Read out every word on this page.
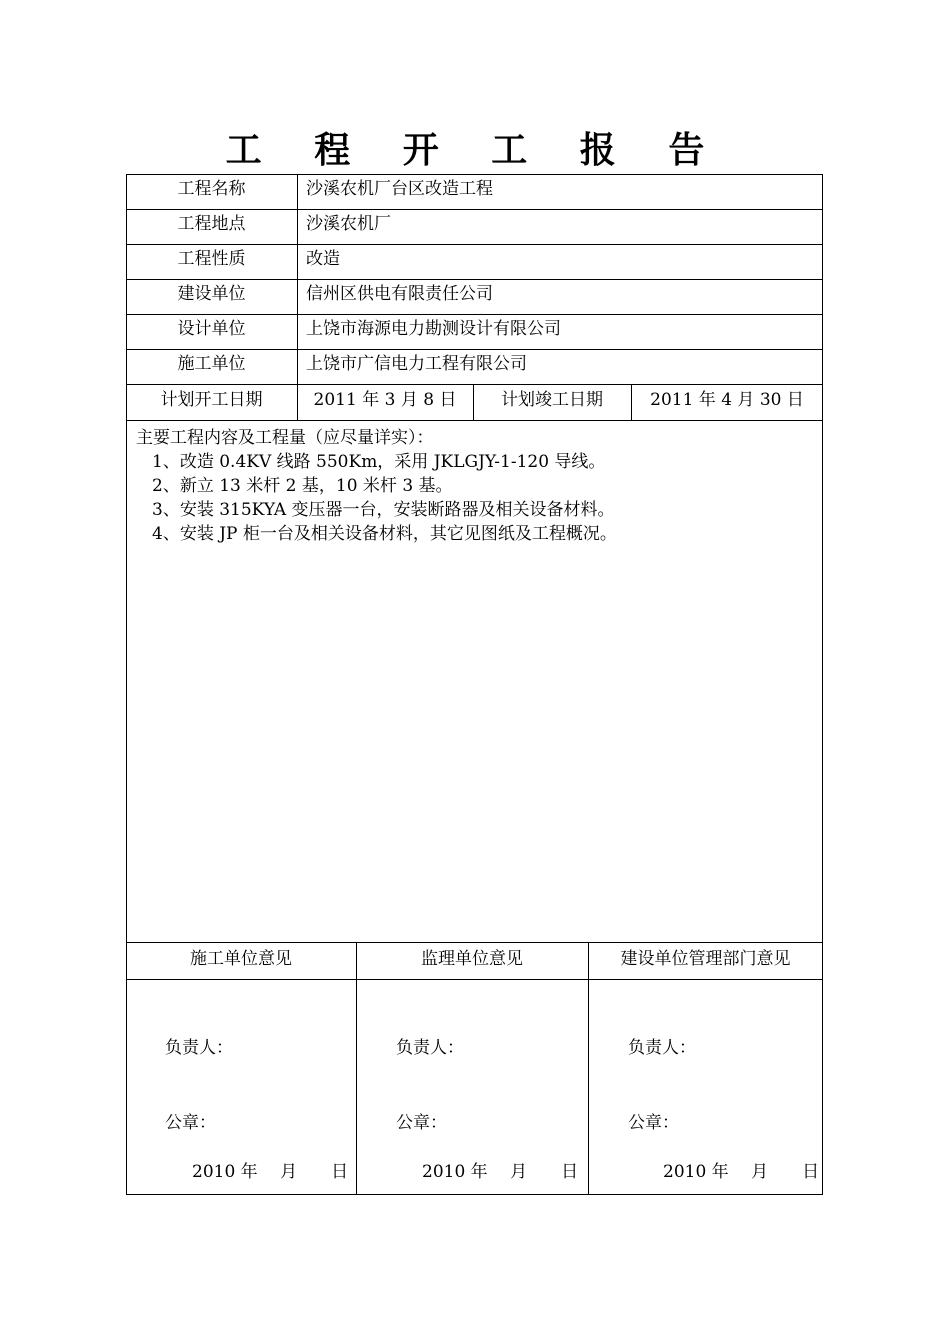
工 程 开 工 报 告
工程名称	沙溪农机厂台区改造工程
工程地点	沙溪农机厂
工程性质	改造
建设单位	信州区供电有限责任公司
设计单位	上饶市海源电力勘测设计有限公司
施工单位	上饶市广信电力工程有限公司
计划开工日期	2011 年 3 月 8 日	计划竣工日期	2011 年 4 月 30 日
主要工程内容及工程量（应尽量详实）：
1、改造 0.4KV 线路 550Km，采用 JKLGJY-1-120 导线。
2、新立 13 米杆 2 基，10 米杆 3 基。
3、安装 315KYA 变压器一台，安装断路器及相关设备材料。
4、安装 JP 柜一台及相关设备材料，其它见图纸及工程概况。
施工单位意见	监理单位意见	建设单位管理部门意见
负责人：
公章：
2010 年　 月　　日
负责人：
公章：
2010 年　 月　　日
负责人：
公章：
2010 年　 月　　日
